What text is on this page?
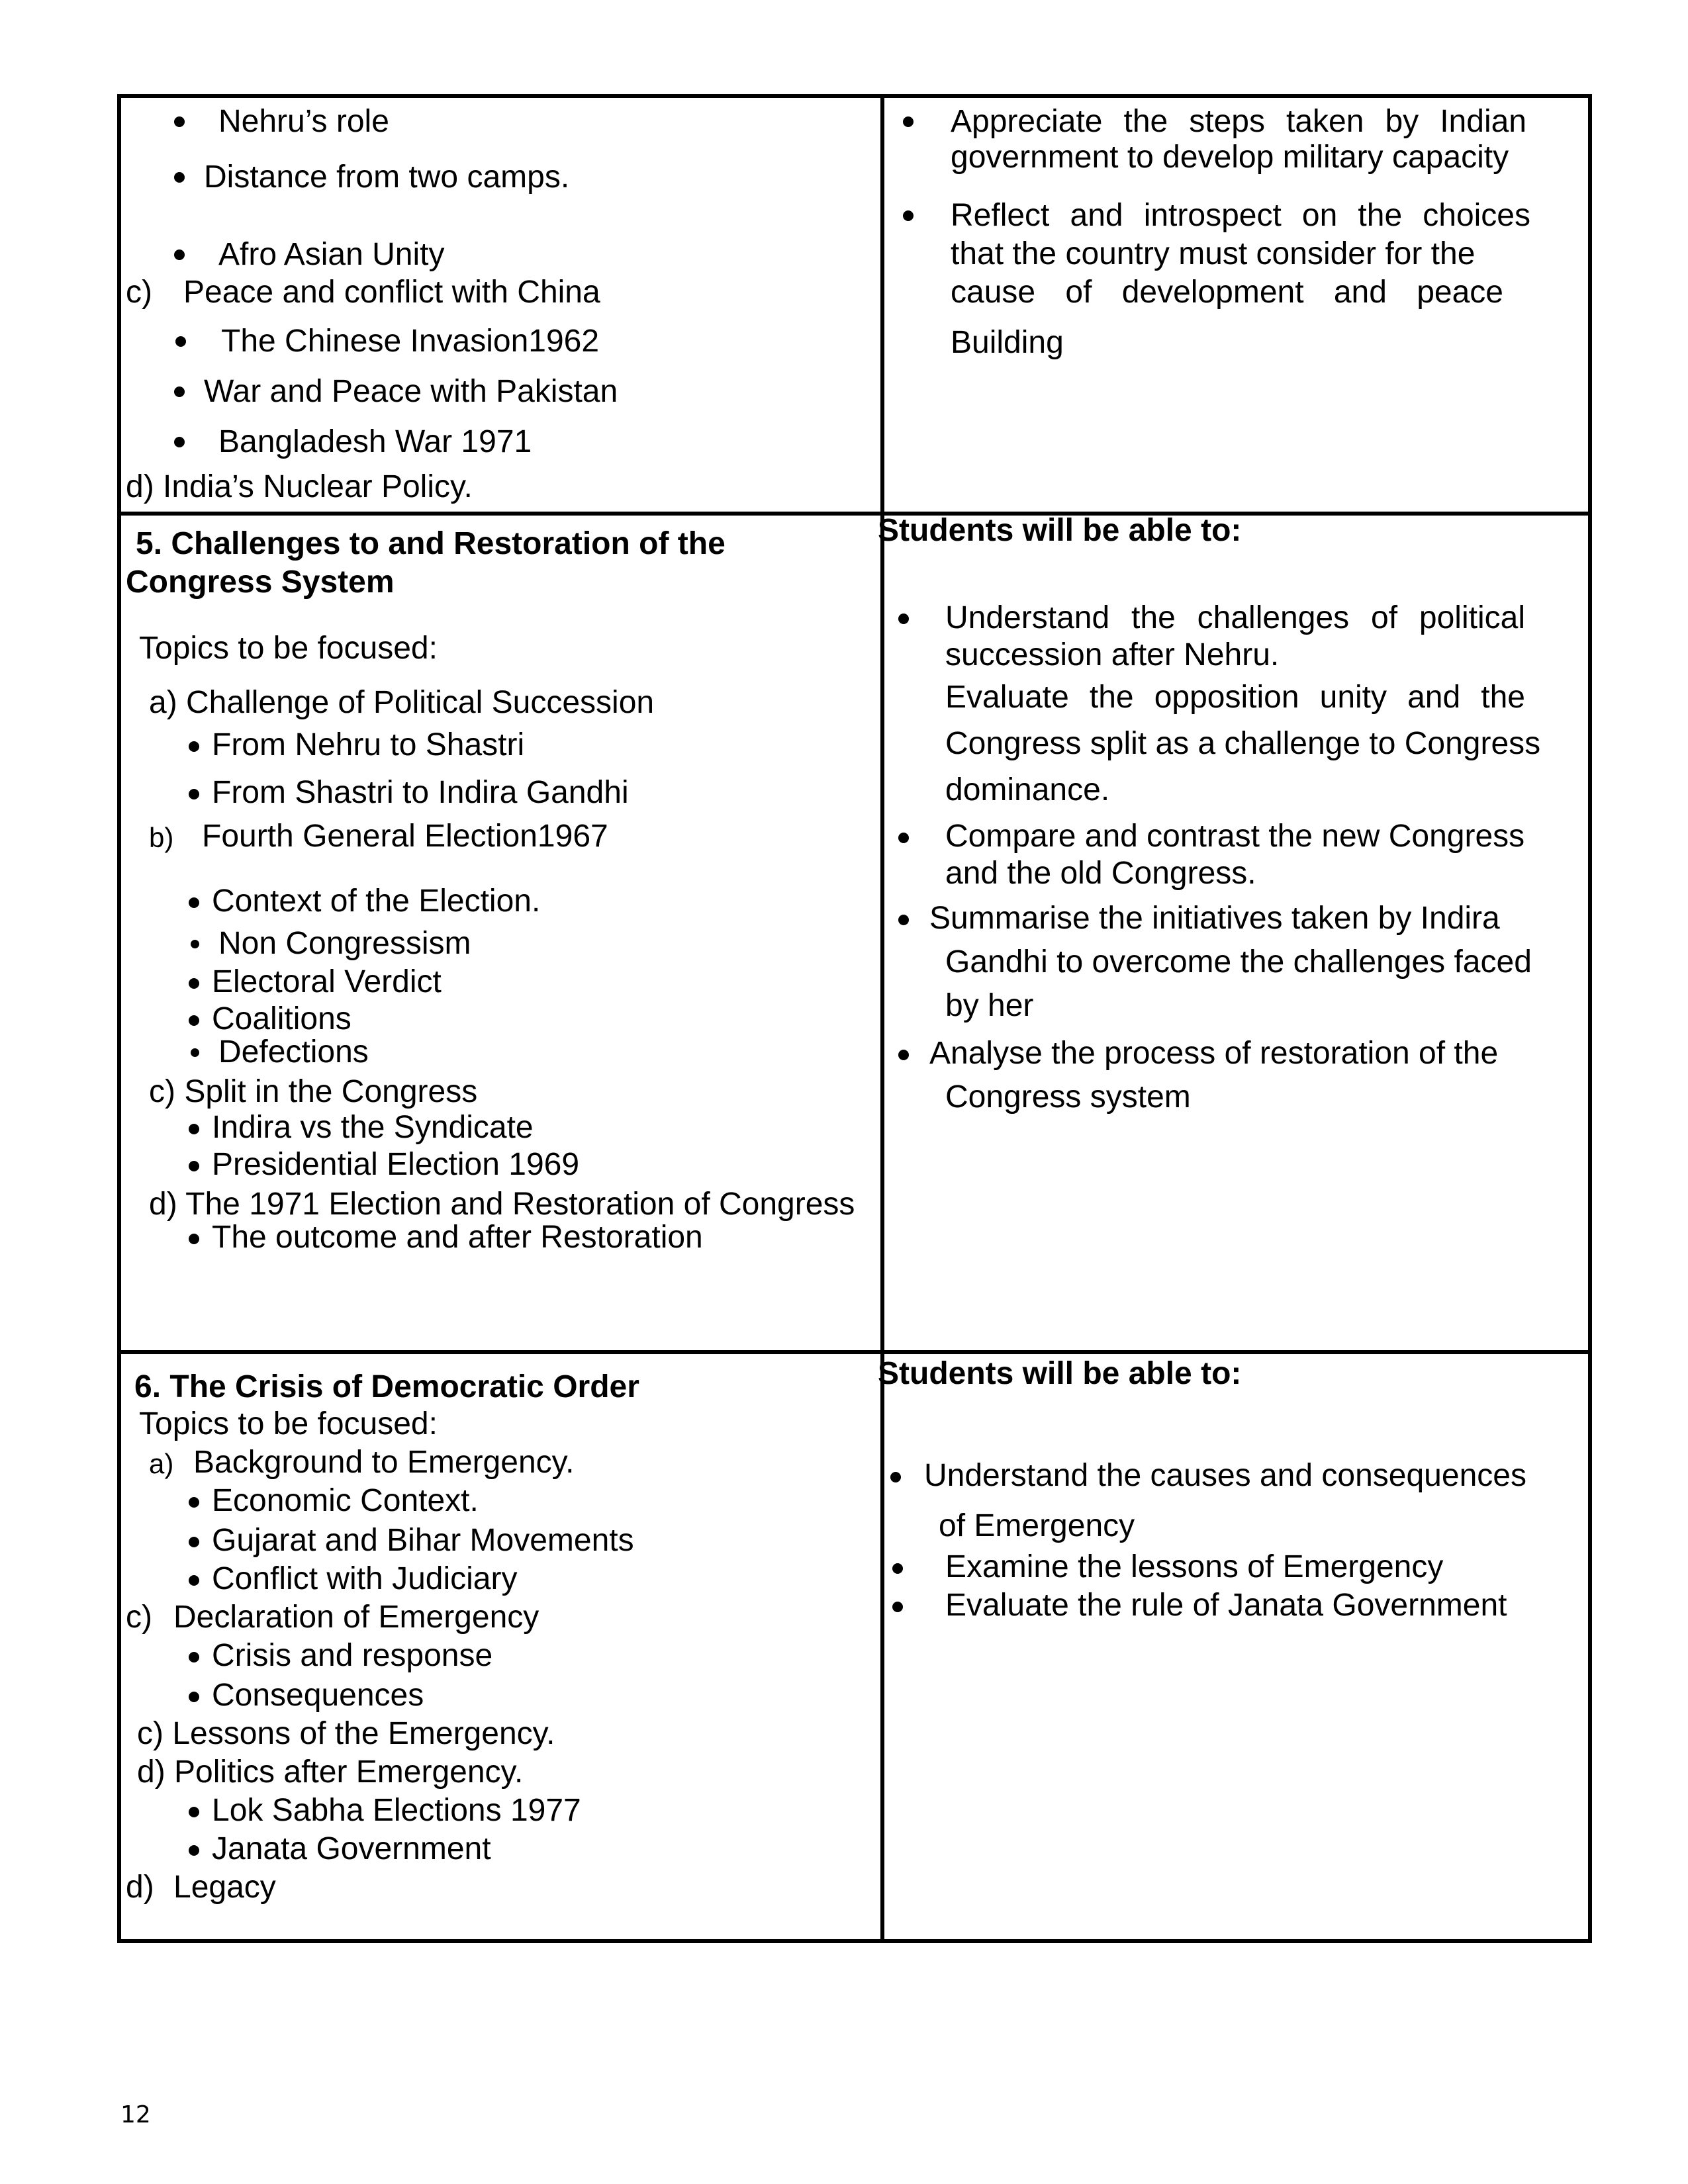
Nehru’s role
Distance from two camps.
Afro Asian Unity
c) Peace and conflict with China
The Chinese Invasion1962
War and Peace with Pakistan
Bangladesh War 1971
d) India’s Nuclear Policy.
Appreciate the steps taken by Indian
government to develop military capacity
Reflect and introspect on the choices
that the country must consider for the
cause of development and peace
Building
5. Challenges to and Restoration of the
Congress System
Topics to be focused:
a) Challenge of Political Succession
From Nehru to Shastri
From Shastri to Indira Gandhi
b) Fourth General Election1967
Context of the Election.
Non Congressism
Electoral Verdict
Coalitions
Defections
c) Split in the Congress
Indira vs the Syndicate
Presidential Election 1969
d) The 1971 Election and Restoration of Congress
The outcome and after Restoration
Students will be able to:
Understand the challenges of political
succession after Nehru.
Evaluate the opposition unity and the
Congress split as a challenge to Congress
dominance.
Compare and contrast the new Congress
and the old Congress.
Summarise the initiatives taken by Indira
Gandhi to overcome the challenges faced
by her
Analyse the process of restoration of the
Congress system
6. The Crisis of Democratic Order
Topics to be focused:
a) Background to Emergency.
Economic Context.
Gujarat and Bihar Movements
Conflict with Judiciary
c) Declaration of Emergency
Crisis and response
Consequences
c) Lessons of the Emergency.
d) Politics after Emergency.
Lok Sabha Elections 1977
Janata Government
d) Legacy
Students will be able to:
Understand the causes and consequences
of Emergency
Examine the lessons of Emergency
Evaluate the rule of Janata Government
12
